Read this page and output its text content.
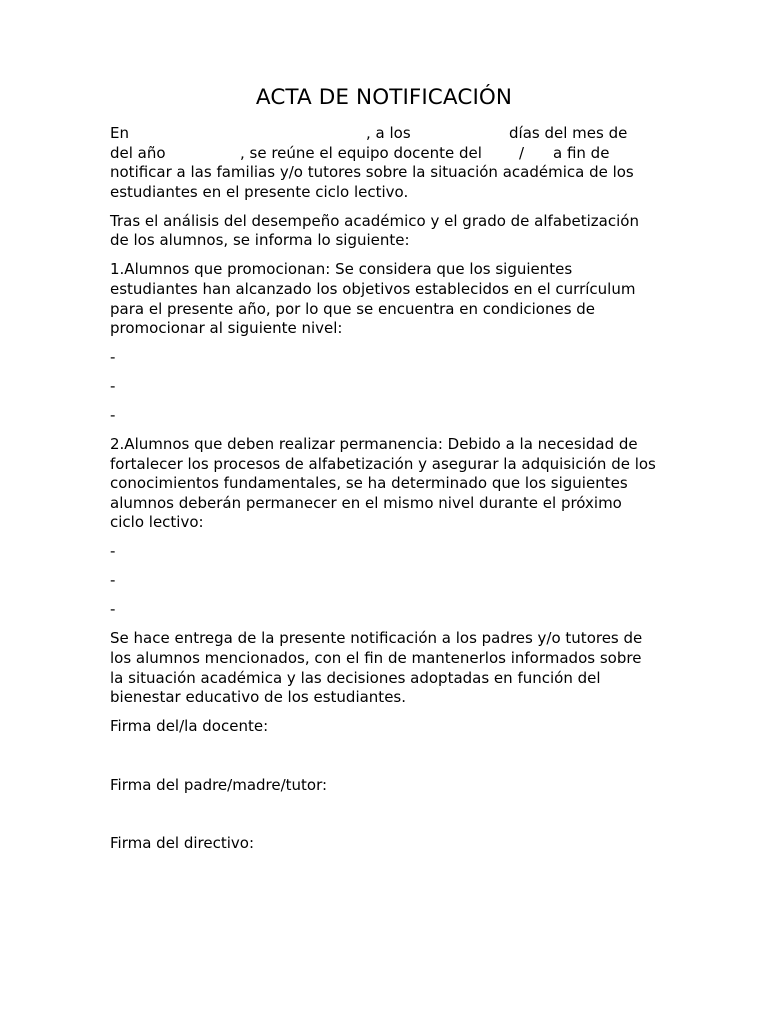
ACTA DE NOTIFICACIÓN
En	, a los	días del mes de
del año	, se reúne el equipo docente del / a fin de
notificar a las familias y/o tutores sobre la situación académica de los estudiantes en el presente ciclo lectivo.

Tras el análisis del desempeño académico y el grado de alfabetización de los alumnos, se informa lo siguiente:

1.Alumnos que promocionan: Se considera que los siguientes estudiantes han alcanzado los objetivos establecidos en el currículum para el presente año, por lo que se encuentra en condiciones de promocionar al siguiente nivel:

-
-
-

2.Alumnos que deben realizar permanencia: Debido a la necesidad de fortalecer los procesos de alfabetización y asegurar la adquisición de los conocimientos fundamentales, se ha determinado que los siguientes alumnos deberán permanecer en el mismo nivel durante el próximo ciclo lectivo:

-
-
-

Se hace entrega de la presente notificación a los padres y/o tutores de los alumnos mencionados, con el fin de mantenerlos informados sobre la situación académica y las decisiones adoptadas en función del bienestar educativo de los estudiantes.

Firma del/la docente:
Firma del padre/madre/tutor:
Firma del directivo:
